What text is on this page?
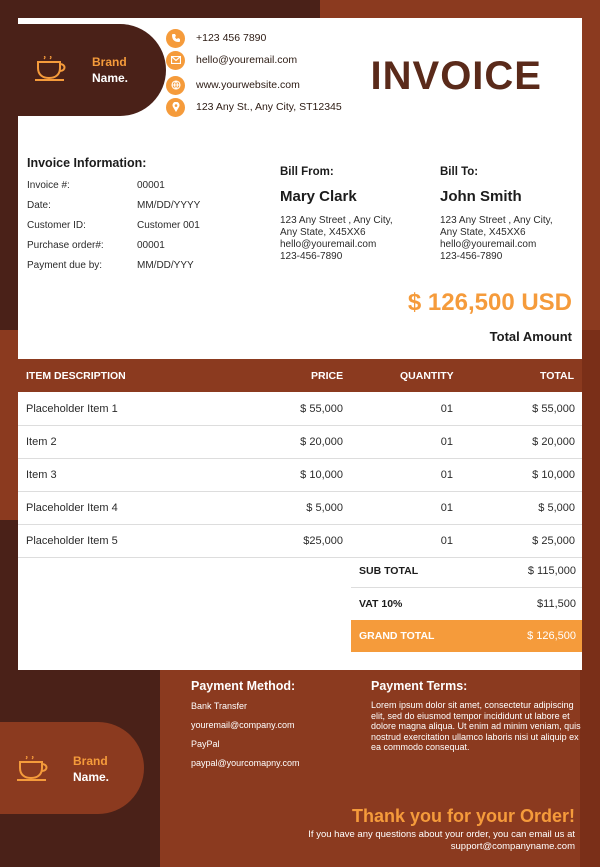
Brand
Name.
+123 456 7890
hello@youremail.com
www.yourwebsite.com
123 Any St., Any City, ST12345
INVOICE
Invoice Information:
Invoice #:	00001
Date:	MM/DD/YYYY
Customer ID:	Customer 001
Purchase order#:	00001
Payment due by:	MM/DD/YYY
Bill From:
Mary Clark
123 Any Street , Any City,
Any State, X45XX6
hello@youremail.com
123-456-7890
Bill To:
John Smith
123 Any Street , Any City,
Any State, X45XX6
hello@youremail.com
123-456-7890
$ 126,500 USD
Total Amount
ITEM DESCRIPTION	PRICE	QUANTITY	TOTAL
Placeholder Item 1	$ 55,000	01	$ 55,000
Item 2	$ 20,000	01	$ 20,000
Item 3	$ 10,000	01	$ 10,000
Placeholder Item 4	$ 5,000	01	$ 5,000
Placeholder Item 5	$25,000	01	$ 25,000
SUB TOTAL	$ 115,000
VAT 10%	$11,500
GRAND TOTAL	$ 126,500
Brand
Name.
Payment Method:
Bank Transfer
youremail@company.com
PayPal
paypal@yourcomapny.com
Payment Terms:
Lorem ipsum dolor sit amet, consectetur adipiscing elit, sed do eiusmod tempor incididunt ut labore et dolore magna aliqua. Ut enim ad minim veniam, quis nostrud exercitation ullamco laboris nisi ut aliquip ex ea commodo consequat.
Thank you for your Order!
If you have any questions about your order, you can email us at support@companyname.com
